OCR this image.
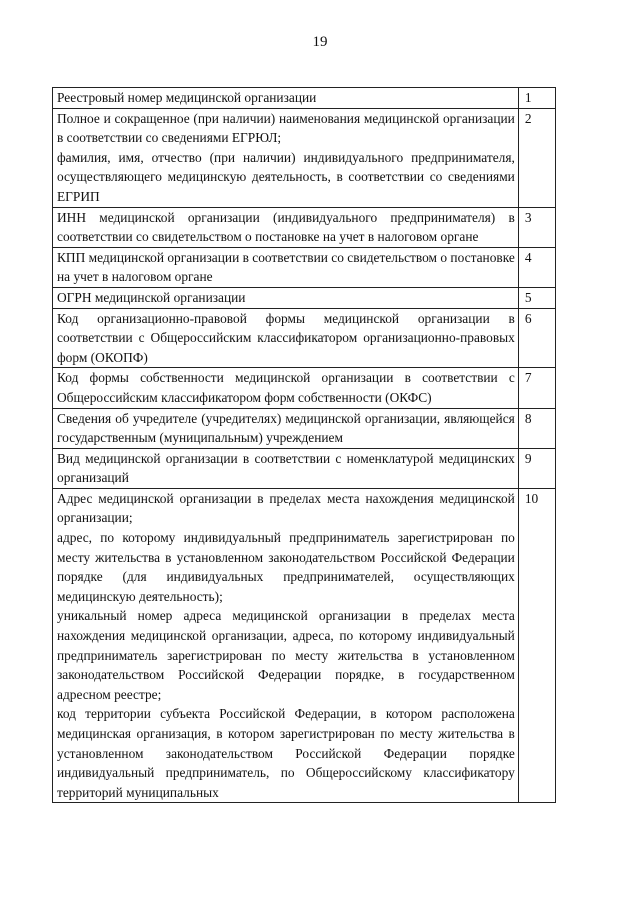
19
Реестровый номер медицинской организации	1

Полное и сокращенное (при наличии) наименования медицинской организации в соответствии со сведениями ЕГРЮЛ;
фамилия, имя, отчество (при наличии) индивидуального предпринимателя, осуществляющего медицинскую деятельность, в соответствии со сведениями ЕГРИП	2

ИНН медицинской организации (индивидуального предпринимателя) в соответствии со свидетельством о постановке на учет в налоговом органе	3

КПП медицинской организации в соответствии со свидетельством о постановке на учет в налоговом органе	4

ОГРН медицинской организации	5

Код организационно-правовой формы медицинской организации в соответствии с Общероссийским классификатором организационно-правовых форм (ОКОПФ)	6

Код формы собственности медицинской организации в соответствии с Общероссийским классификатором форм собственности (ОКФС)	7

Сведения об учредителе (учредителях) медицинской организации, являющейся государственным (муниципальным) учреждением	8

Вид медицинской организации в соответствии с номенклатурой медицинских организаций	9

Адрес медицинской организации в пределах места нахождения медицинской организации;
адрес, по которому индивидуальный предприниматель зарегистрирован по месту жительства в установленном законодательством Российской Федерации порядке (для индивидуальных предпринимателей, осуществляющих медицинскую деятельность);
уникальный номер адреса медицинской организации в пределах места нахождения медицинской организации, адреса, по которому индивидуальный предприниматель зарегистрирован по месту жительства в установленном законодательством Российской Федерации порядке, в государственном адресном реестре;
код территории субъекта Российской Федерации, в котором расположена медицинская организация, в котором зарегистрирован по месту жительства в установленном законодательством Российской Федерации порядке индивидуальный предприниматель, по Общероссийскому классификатору территорий муниципальных	10
